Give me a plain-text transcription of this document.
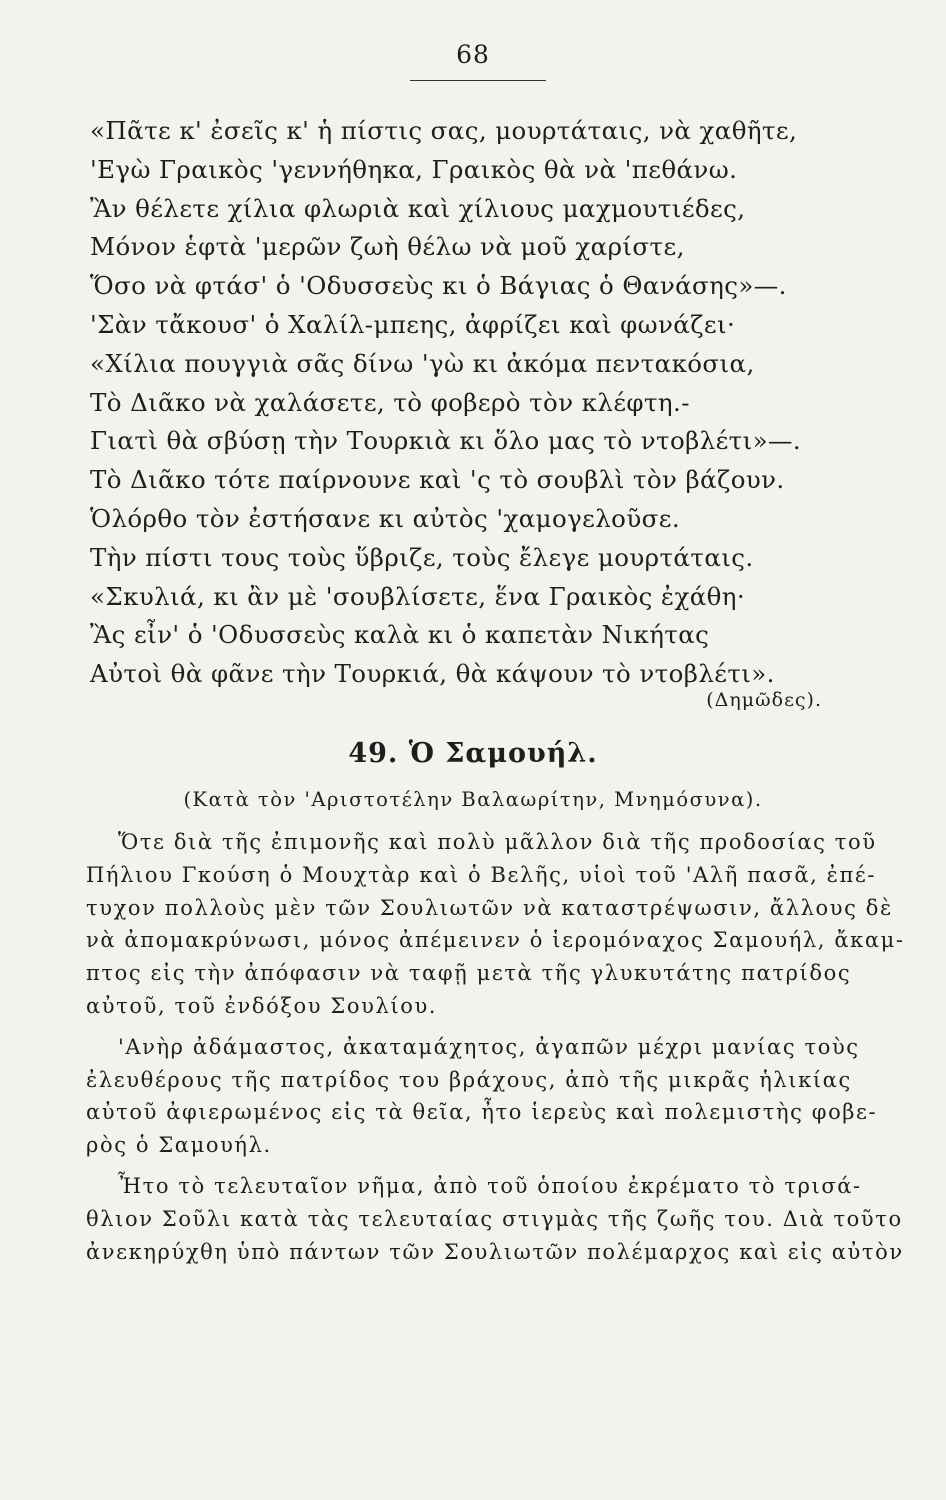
68
«Πᾶτε κ' ἐσεῖς κ' ἡ πίστις σας, μουρτάταις, νὰ χαθῆτε,
'Εγὼ Γραικὸς 'γεννήθηκα, Γραικὸς θὰ νὰ 'πεθάνω.
Ἂν θέλετε χίλια φλωριὰ καὶ χίλιους μαχμουτιέδες,
Μόνον ἑφτὰ 'μερῶν ζωὴ θέλω νὰ μοῦ χαρίστε,
Ὅσο νὰ φτάσ' ὁ 'Οδυσσεὺς κι ὁ Βάγιας ὁ Θανάσης»—.
'Σὰν τἄκουσ' ὁ Χαλίλ-μπεης, ἀφρίζει καὶ φωνάζει·
«Χίλια πουγγιὰ σᾶς δίνω 'γὼ κι ἀκόμα πεντακόσια,
Τὸ Διᾶκο νὰ χαλάσετε, τὸ φοβερὸ τὸν κλέφτη.-
Γιατὶ θὰ σβύσῃ τὴν Τουρκιὰ κι ὅλο μας τὸ ντοβλέτι»—.
Τὸ Διᾶκο τότε παίρνουνε καὶ 'ς τὸ σουβλὶ τὸν βάζουν.
Ὁλόρθο τὸν ἐστήσανε κι αὐτὸς 'χαμογελοῦσε.
Τὴν πίστι τους τοὺς ὕβριζε, τοὺς ἔλεγε μουρτάταις.
«Σκυλιά, κι ἂν μὲ 'σουβλίσετε, ἕνα Γραικὸς ἐχάθη·
Ἂς εἶν' ὁ 'Οδυσσεὺς καλὰ κι ὁ καπετὰν Νικήτας
Αὐτοὶ θὰ φᾶνε τὴν Τουρκιά, θὰ κάψουν τὸ ντοβλέτι».
(Δημῶδες).
49. Ὁ Σαμουήλ.
(Κατὰ τὸν 'Αριστοτέλην Βαλαωρίτην, Μνημόσυνα).
Ὅτε διὰ τῆς ἐπιμονῆς καὶ πολὺ μᾶλλον διὰ τῆς προδοσίας τοῦ
Πήλιου Γκούση ὁ Μουχτὰρ καὶ ὁ Βελῆς, υἱοὶ τοῦ 'Αλῆ πασᾶ, ἐπέ-
τυχον πολλοὺς μὲν τῶν Σουλιωτῶν νὰ καταστρέψωσιν, ἄλλους δὲ
νὰ ἀπομακρύνωσι, μόνος ἀπέμεινεν ὁ ἱερομόναχος Σαμουήλ, ἄκαμ-
πτος εἰς τὴν ἀπόφασιν νὰ ταφῇ μετὰ τῆς γλυκυτάτης πατρίδος
αὐτοῦ, τοῦ ἐνδόξου Σουλίου.
'Ανὴρ ἀδάμαστος, ἀκαταμάχητος, ἀγαπῶν μέχρι μανίας τοὺς
ἐλευθέρους τῆς πατρίδος του βράχους, ἀπὸ τῆς μικρᾶς ἡλικίας
αὐτοῦ ἀφιερωμένος εἰς τὰ θεῖα, ἦτο ἱερεὺς καὶ πολεμιστὴς φοβε-
ρὸς ὁ Σαμουήλ.
Ἦτο τὸ τελευταῖον νῆμα, ἀπὸ τοῦ ὁποίου ἐκρέματο τὸ τρισά-
θλιον Σοῦλι κατὰ τὰς τελευταίας στιγμὰς τῆς ζωῆς του. Διὰ τοῦτο
ἀνεκηρύχθη ὑπὸ πάντων τῶν Σουλιωτῶν πολέμαρχος καὶ εἰς αὐτὸν
